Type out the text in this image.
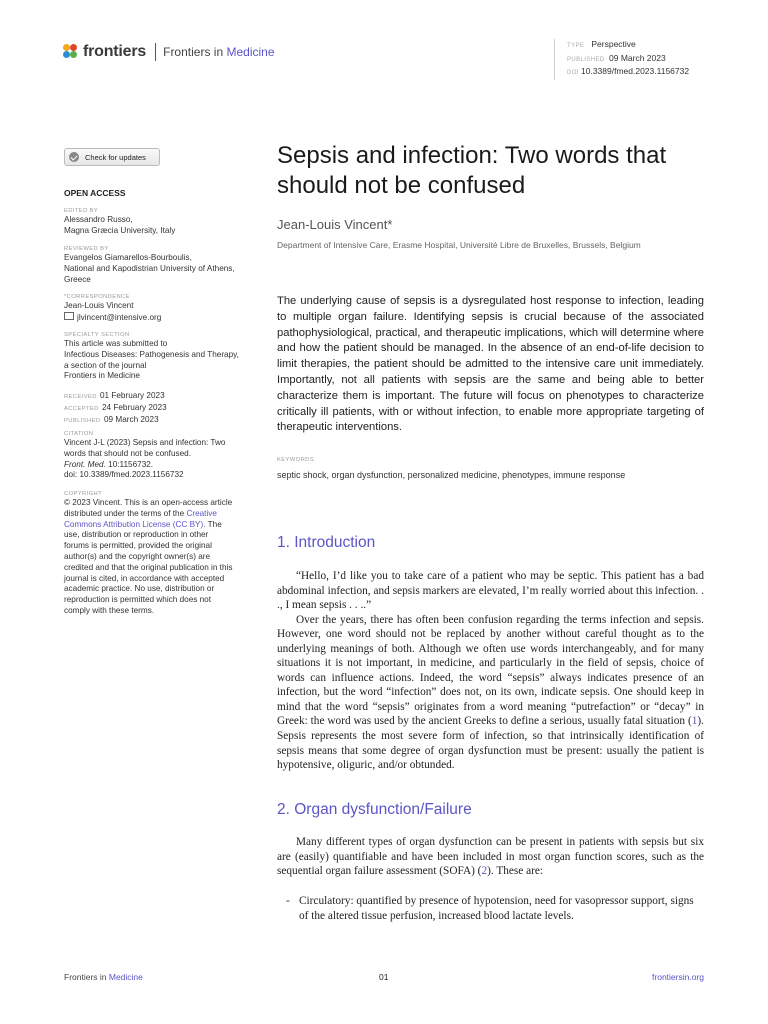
frontiers Frontiers in Medicine	TYPE Perspective
PUBLISHED 09 March 2023
DOI 10.3389/fmed.2023.1156732
Check for updates
OPEN ACCESS
EDITED BY
Alessandro Russo,
Magna Græcia University, Italy
REVIEWED BY
Evangelos Giamarellos-Bourboulis,
National and Kapodistrian University of Athens,
Greece
*CORRESPONDENCE
Jean-Louis Vincent
jlvincent@intensive.org
SPECIALTY SECTION
This article was submitted to
Infectious Diseases: Pathogenesis and Therapy,
a section of the journal
Frontiers in Medicine
RECEIVED 01 February 2023
ACCEPTED 24 February 2023
PUBLISHED 09 March 2023
CITATION
Vincent J-L (2023) Sepsis and infection: Two
words that should not be confused.
Front. Med. 10:1156732.
doi: 10.3389/fmed.2023.1156732
COPYRIGHT
© 2023 Vincent. This is an open-access article
distributed under the terms of the Creative
Commons Attribution License (CC BY). The
use, distribution or reproduction in other
forums is permitted, provided the original
author(s) and the copyright owner(s) are
credited and that the original publication in this
journal is cited, in accordance with accepted
academic practice. No use, distribution or
reproduction is permitted which does not
comply with these terms.
Sepsis and infection: Two words that should not be confused
Jean-Louis Vincent*
Department of Intensive Care, Erasme Hospital, Université Libre de Bruxelles, Brussels, Belgium
The underlying cause of sepsis is a dysregulated host response to infection, leading to multiple organ failure. Identifying sepsis is crucial because of the associated pathophysiological, practical, and therapeutic implications, which will determine where and how the patient should be managed. In the absence of an end-of-life decision to limit therapies, the patient should be admitted to the intensive care unit immediately. Importantly, not all patients with sepsis are the same and being able to better characterize them is important. The future will focus on phenotypes to characterize critically ill patients, with or without infection, to enable more appropriate targeting of therapeutic interventions.
KEYWORDS
septic shock, organ dysfunction, personalized medicine, phenotypes, immune response
1. Introduction

“Hello, I’d like you to take care of a patient who may be septic. This patient has a bad abdominal infection, and sepsis markers are elevated, I’m really worried about this infection. . ., I mean sepsis . . ..”

Over the years, there has often been confusion regarding the terms infection and sepsis. However, one word should not be replaced by another without careful thought as to the underlying meanings of both. Although we often use words interchangeably, and for many situations it is not important, in medicine, and particularly in the field of sepsis, choice of words can influence actions. Indeed, the word “sepsis” always indicates presence of an infection, but the word “infection” does not, on its own, indicate sepsis. One should keep in mind that the word “sepsis” originates from a word meaning “putrefaction” or “decay” in Greek: the word was used by the ancient Greeks to define a serious, usually fatal situation (1). Sepsis represents the most severe form of infection, so that intrinsically identification of sepsis means that some degree of organ dysfunction must be present: usually the patient is hypotensive, oliguric, and/or obtunded.

2. Organ dysfunction/Failure

Many different types of organ dysfunction can be present in patients with sepsis but six are (easily) quantifiable and have been included in most organ function scores, such as the sequential organ failure assessment (SOFA) (2). These are:

- Circulatory: quantified by presence of hypotension, need for vasopressor support, signs of the altered tissue perfusion, increased blood lactate levels.
Frontiers in Medicine	01	frontiersin.org
